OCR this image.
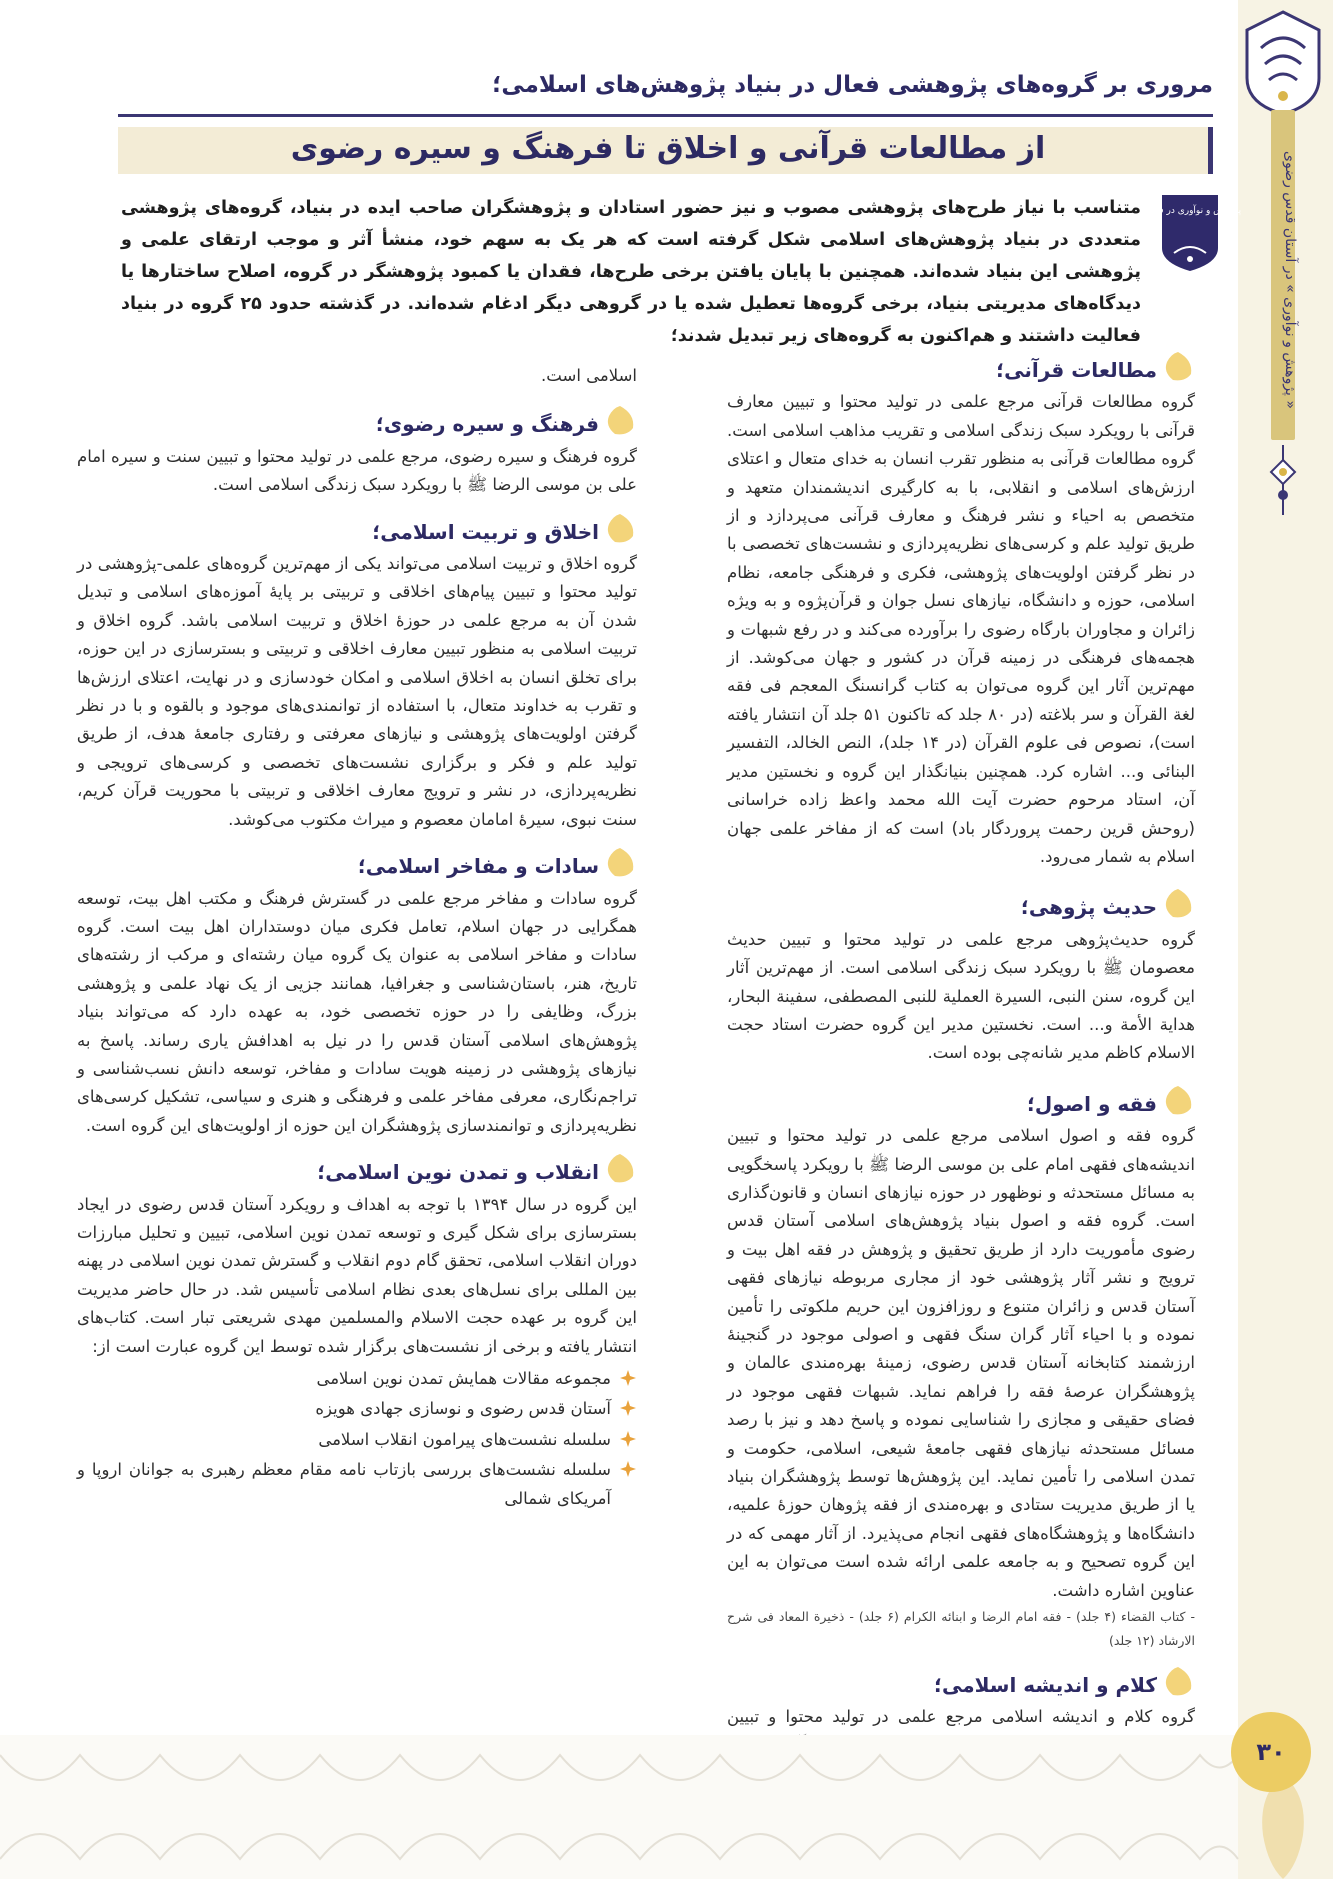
« پژوهش و نوآوری » در آستان قدس رضوی
مروری بر گروه‌های پژوهشی فعال در بنیاد پژوهش‌های اسلامی؛
از مطالعات قرآنی و اخلاق تا فرهنگ و سیره رضوی
پژوهش و نوآوری در فرهنگ
متناسب با نیاز طرح‌های پژوهشی مصوب و نیز حضور استادان و پژوهشگران صاحب ایده در بنیاد، گروه‌های پژوهشی متعددی در بنیاد پژوهش‌های اسلامی شکل گرفته است که هر یک به سهم خود، منشأ آثر و موجب ارتقای علمی و پژوهشی این بنیاد شده‌اند. همچنین با پایان یافتن برخی طرح‌ها، فقدان یا کمبود پژوهشگر در گروه، اصلاح ساختارها یا دیدگاه‌های مدیریتی بنیاد، برخی گروه‌ها تعطیل شده یا در گروهی دیگر ادغام شده‌اند. در گذشته حدود ۲۵ گروه در بنیاد فعالیت داشتند و هم‌اکنون به گروه‌های زیر تبدیل شدند؛
مطالعات قرآنی؛

گروه مطالعات قرآنی مرجع علمی در تولید محتوا و تبیین معارف قرآنی با رویکرد سبک زندگی اسلامی و تقریب مذاهب اسلامی است. گروه مطالعات قرآنی به منظور تقرب انسان به خدای متعال و اعتلای ارزش‌های اسلامی و انقلابی، با به کارگیری اندیشمندان متعهد و متخصص به احیاء و نشر فرهنگ و معارف قرآنی می‌پردازد و از طریق تولید علم و کرسی‌های نظریه‌پردازی و نشست‌های تخصصی با در نظر گرفتن اولویت‌های پژوهشی، فکری و فرهنگی جامعه، نظام اسلامی، حوزه و دانشگاه، نیازهای نسل جوان و قرآن‌پژوه و به ویژه زائران و مجاوران بارگاه رضوی را برآورده می‌کند و در رفع شبهات و هجمه‌های فرهنگی در زمینه قرآن در کشور و جهان می‌کوشد. از مهم‌ترین آثار این گروه می‌توان به کتاب گرانسنگ المعجم فی فقه لغة القرآن و سر بلاغته (در ۸۰ جلد که تاکنون ۵۱ جلد آن انتشار یافته است)، نصوص فی علوم القرآن (در ۱۴ جلد)، النص الخالد، التفسیر البنائی و... اشاره کرد. همچنین بنیانگذار این گروه و نخستین مدیر آن، استاد مرحوم حضرت آیت الله محمد واعظ زاده خراسانی (روحش قرین رحمت پروردگار باد) است که از مفاخر علمی جهان اسلام به شمار می‌رود.

حدیث پژوهی؛

گروه حدیث‌پژوهی مرجع علمی در تولید محتوا و تبیین حدیث معصومان ﷺ با رویکرد سبک زندگی اسلامی است. از مهم‌ترین آثار این گروه، سنن النبی، السیرة العملیة للنبی المصطفی، سفینة البحار، هدایة الأمة و... است. نخستین مدیر این گروه حضرت استاد حجت الاسلام کاظم مدیر شانه‌چی بوده است.

فقه و اصول؛

گروه فقه و اصول اسلامی مرجع علمی در تولید محتوا و تبیین اندیشه‌های فقهی امام علی بن موسی الرضا ﷺ با رویکرد پاسخگویی به مسائل مستحدثه و نوظهور در حوزه نیازهای انسان و قانون‌گذاری است. گروه فقه و اصول بنیاد پژوهش‌های اسلامی آستان قدس رضوی مأموریت دارد از طریق تحقیق و پژوهش در فقه اهل بیت و ترویج و نشر آثار پژوهشی خود از مجاری مربوطه نیازهای فقهی آستان قدس و زائران متنوع و روزافزون این حریم ملکوتی را تأمین نموده و با احیاء آثار گران سنگ فقهی و اصولی موجود در گنجینهٔ ارزشمند کتابخانه آستان قدس رضوی، زمینهٔ بهره‌مندی عالمان و پژوهشگران عرصهٔ فقه را فراهم نماید. شبهات فقهی موجود در فضای حقیقی و مجازی را شناسایی نموده و پاسخ دهد و نیز با رصد مسائل مستحدثه نیازهای فقهی جامعهٔ شیعی، اسلامی، حکومت و تمدن اسلامی را تأمین نماید. این پژوهش‌ها توسط پژوهشگران بنیاد یا از طریق مدیریت ستادی و بهره‌مندی از فقه پژوهان حوزهٔ علمیه، دانشگاه‌ها و پژوهشگاه‌های فقهی انجام می‌پذیرد. از آثار مهمی که در این گروه تصحیح و به جامعه علمی ارائه شده است می‌توان به این عناوین اشاره داشت.

- کتاب القضاء (۴ جلد) - فقه امام الرضا و ابنائه الکرام (۶ جلد) - ذخیرة المعاد فی شرح الارشاد (۱۲ جلد)

کلام و اندیشه اسلامی؛

گروه کلام و اندیشه اسلامی مرجع علمی در تولید محتوا و تبیین

اسلامی است.

فرهنگ و سیره رضوی؛

گروه فرهنگ و سیره رضوی، مرجع علمی در تولید محتوا و تبیین سنت و سیره امام علی بن موسی الرضا ﷺ با رویکرد سبک زندگی اسلامی است.

اخلاق و تربیت اسلامی؛

گروه اخلاق و تربیت اسلامی می‌تواند یکی از مهم‌ترین گروه‌های علمی-پژوهشی در تولید محتوا و تبیین پیام‌های اخلاقی و تربیتی بر پایهٔ آموزه‌های اسلامی و تبدیل شدن آن به مرجع علمی در حوزهٔ اخلاق و تربیت اسلامی باشد. گروه اخلاق و تربیت اسلامی به منظور تبیین معارف اخلاقی و تربیتی و بسترسازی در این حوزه، برای تخلق انسان به اخلاق اسلامی و امکان خودسازی و در نهایت، اعتلای ارزش‌ها و تقرب به خداوند متعال، با استفاده از توانمندی‌های موجود و بالقوه و با در نظر گرفتن اولویت‌های پژوهشی و نیازهای معرفتی و رفتاری جامعهٔ هدف، از طریق تولید علم و فکر و برگزاری نشست‌های تخصصی و کرسی‌های ترویجی و نظریه‌پردازی، در نشر و ترویج معارف اخلاقی و تربیتی با محوریت قرآن کریم، سنت نبوی، سیرهٔ امامان معصوم و میراث مکتوب می‌کوشد.

سادات و مفاخر اسلامی؛

گروه سادات و مفاخر مرجع علمی در گسترش فرهنگ و مکتب اهل بیت، توسعه همگرایی در جهان اسلام، تعامل فکری میان دوستداران اهل بیت است. گروه سادات و مفاخر اسلامی به عنوان یک گروه میان رشته‌ای و مرکب از رشته‌های تاریخ، هنر، باستان‌شناسی و جغرافیا، همانند جزیی از یک نهاد علمی و پژوهشی بزرگ، وظایفی را در حوزه تخصصی خود، به عهده دارد که می‌تواند بنیاد پژوهش‌های اسلامی آستان قدس را در نیل به اهدافش یاری رساند. پاسخ به نیازهای پژوهشی در زمینه هویت سادات و مفاخر، توسعه دانش نسب‌شناسی و تراجم‌نگاری، معرفی مفاخر علمی و فرهنگی و هنری و سیاسی، تشکیل کرسی‌های نظریه‌پردازی و توانمندسازی پژوهشگران این حوزه از اولویت‌های این گروه است.

انقلاب و تمدن نوین اسلامی؛

این گروه در سال ۱۳۹۴ با توجه به اهداف و رویکرد آستان قدس رضوی در ایجاد بسترسازی برای شکل گیری و توسعه تمدن نوین اسلامی، تبیین و تحلیل مبارزات دوران انقلاب اسلامی، تحقق گام دوم انقلاب و گسترش تمدن نوین اسلامی در پهنه بین المللی برای نسل‌های بعدی نظام اسلامی تأسیس شد. در حال حاضر مدیریت این گروه بر عهده حجت الاسلام والمسلمین مهدی شریعتی تبار است. کتاب‌های انتشار یافته و برخی از نشست‌های برگزار شده توسط این گروه عبارت است از:

مجموعه مقالات همایش تمدن نوین اسلامی
آستان قدس رضوی و نوسازی جهادی هویزه
سلسله نشست‌های پیرامون انقلاب اسلامی
سلسله نشست‌های بررسی بازتاب نامه مقام معظم رهبری به جوانان اروپا و آمریکای شمالی
۳۰
